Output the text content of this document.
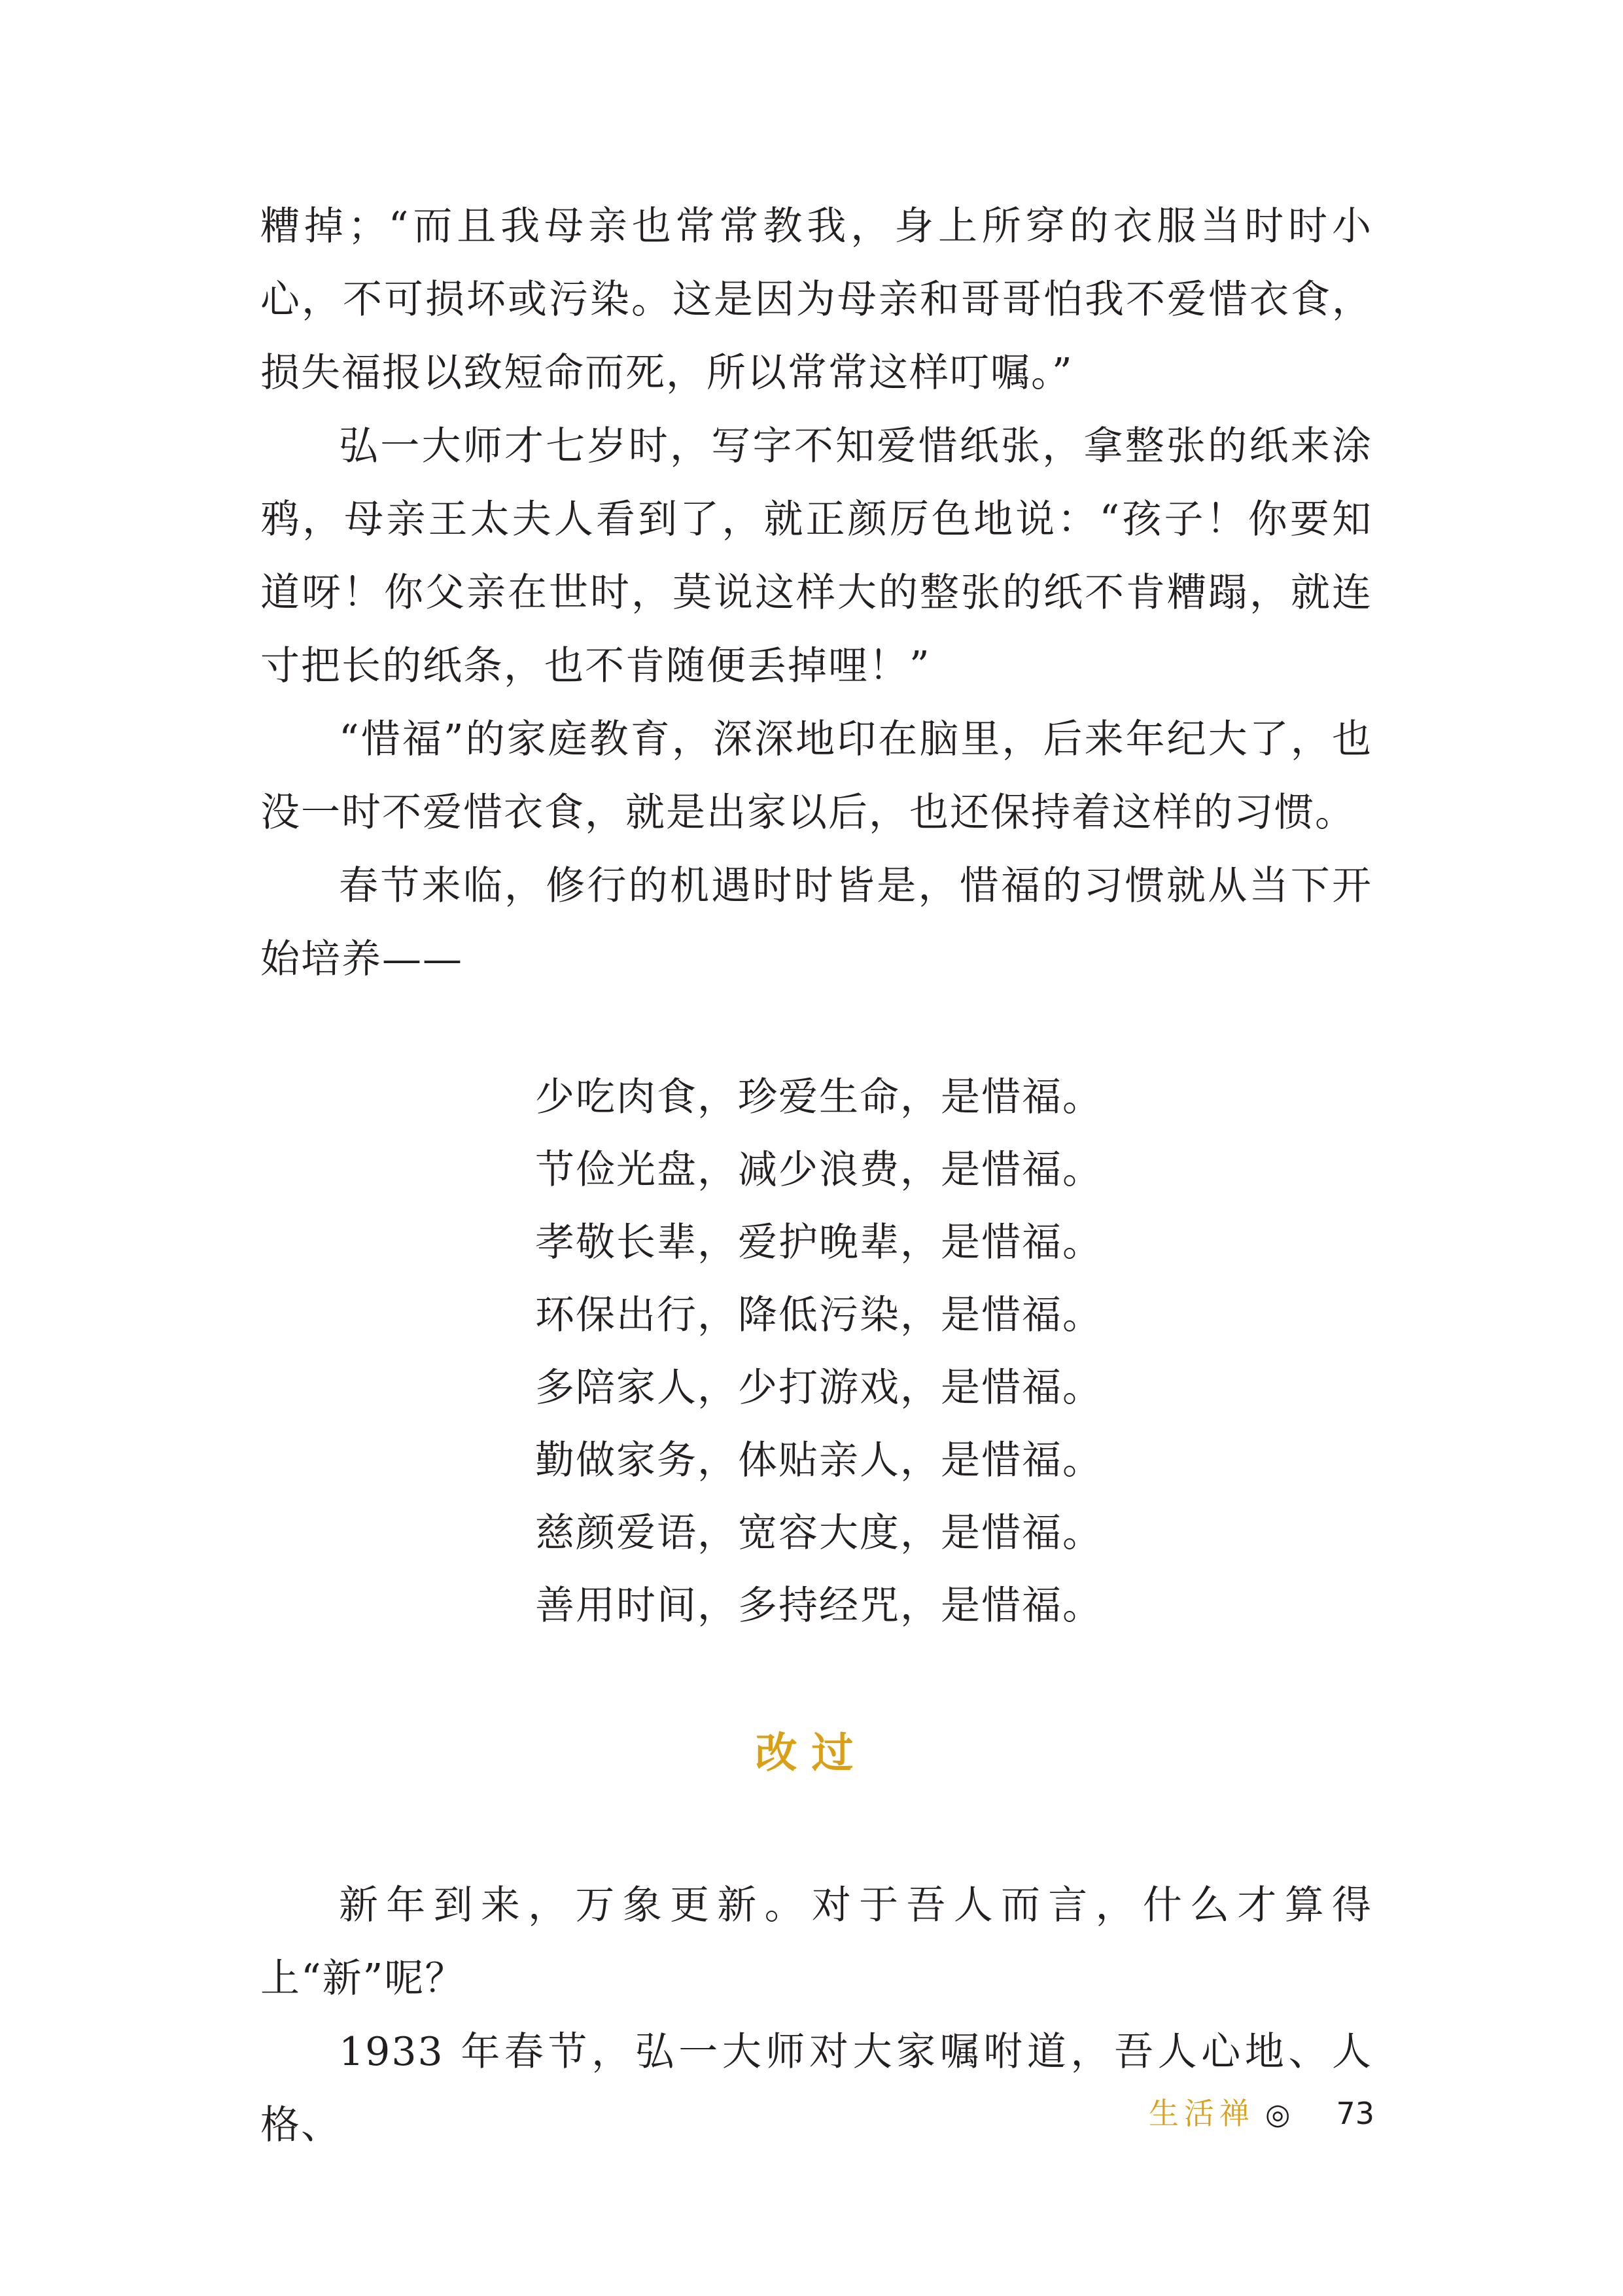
糟掉；“而且我母亲也常常教我，身上所穿的衣服当时时小心，不可损坏或污染。这是因为母亲和哥哥怕我不爱惜衣食，损失福报以致短命而死，所以常常这样叮嘱。”

弘一大师才七岁时，写字不知爱惜纸张，拿整张的纸来涂鸦，母亲王太夫人看到了，就正颜厉色地说：“孩子！你要知道呀！你父亲在世时，莫说这样大的整张的纸不肯糟蹋，就连寸把长的纸条，也不肯随便丢掉哩！”

“惜福”的家庭教育，深深地印在脑里，后来年纪大了，也没一时不爱惜衣食，就是出家以后，也还保持着这样的习惯。

春节来临，修行的机遇时时皆是，惜福的习惯就从当下开始培养——

少吃肉食，珍爱生命，是惜福。
节俭光盘，减少浪费，是惜福。
孝敬长辈，爱护晚辈，是惜福。
环保出行，降低污染，是惜福。
多陪家人，少打游戏，是惜福。
勤做家务，体贴亲人，是惜福。
慈颜爱语，宽容大度，是惜福。
善用时间，多持经咒，是惜福。
改过

新年到来，万象更新。对于吾人而言，什么才算得上“新”呢？

1933 年春节，弘一大师对大家嘱咐道，吾人心地、人格、	生活禅 ◎ 73
